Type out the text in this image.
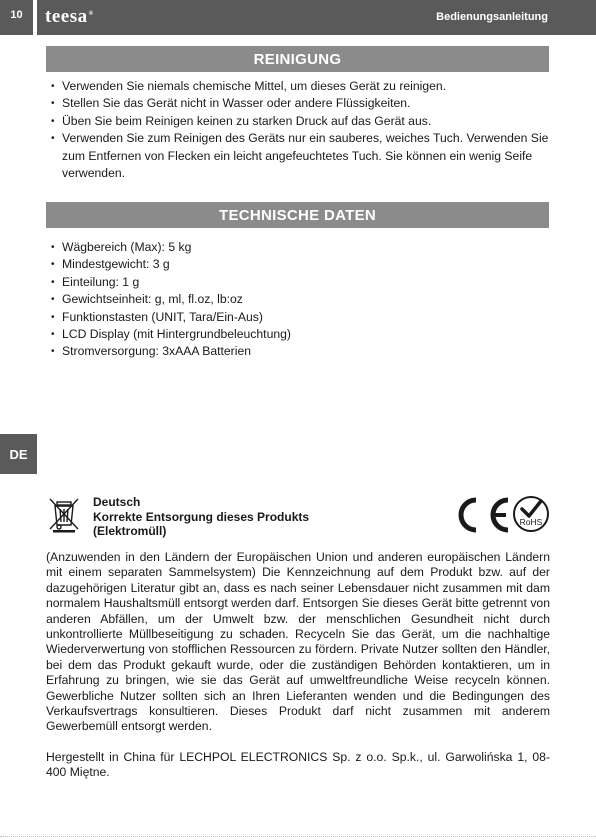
10	teesa®	Bedienungsanleitung
DE
REINIGUNG
• Verwenden Sie niemals chemische Mittel, um dieses Gerät zu reinigen.
• Stellen Sie das Gerät nicht in Wasser oder andere Flüssigkeiten.
• Üben Sie beim Reinigen keinen zu starken Druck auf das Gerät aus.
• Verwenden Sie zum Reinigen des Geräts nur ein sauberes, weiches Tuch. Verwenden Sie zum Entfernen von Flecken ein leicht angefeuchtetes Tuch. Sie können ein wenig Seife verwenden.
TECHNISCHE DATEN
• Wägbereich (Max): 5 kg
• Mindestgewicht: 3 g
• Einteilung: 1 g
• Gewichtseinheit: g, ml, fl.oz, lb:oz
• Funktionstasten (UNIT, Tara/Ein-Aus)
• LCD Display (mit Hintergrundbeleuchtung)
• Stromversorgung: 3xAAA Batterien
Deutsch
Korrekte Entsorgung dieses Produkts
(Elektromüll)
RoHS

(Anzuwenden in den Ländern der Europäischen Union und anderen europäischen Ländern mit einem separaten Sammelsystem) Die Kennzeichnung auf dem Produkt bzw. auf der dazugehörigen Literatur gibt an, dass es nach seiner Lebensdauer nicht zusammen mit dam normalem Haushaltsmüll entsorgt werden darf. Entsorgen Sie dieses Gerät bitte getrennt von anderen Abfällen, um der Umwelt bzw. der menschlichen Gesundheit nicht durch unkontrollierte Müllbeseitigung zu schaden. Recyceln Sie das Gerät, um die nachhaltige Wiederverwertung von stofflichen Ressourcen zu fördern. Private Nutzer sollten den Händler, bei dem das Produkt gekauft wurde, oder die zuständigen Behörden kontaktieren, um in Erfahrung zu bringen, wie sie das Gerät auf umweltfreundliche Weise recyceln können. Gewerbliche Nutzer sollten sich an Ihren Lieferanten wenden und die Bedingungen des Verkaufsvertrags konsultieren. Dieses Produkt darf nicht zusammen mit anderem Gewerbemüll entsorgt werden.

Hergestellt in China für LECHPOL ELECTRONICS Sp. z o.o. Sp.k., ul. Garwolińska 1, 08-400 Miętne.
